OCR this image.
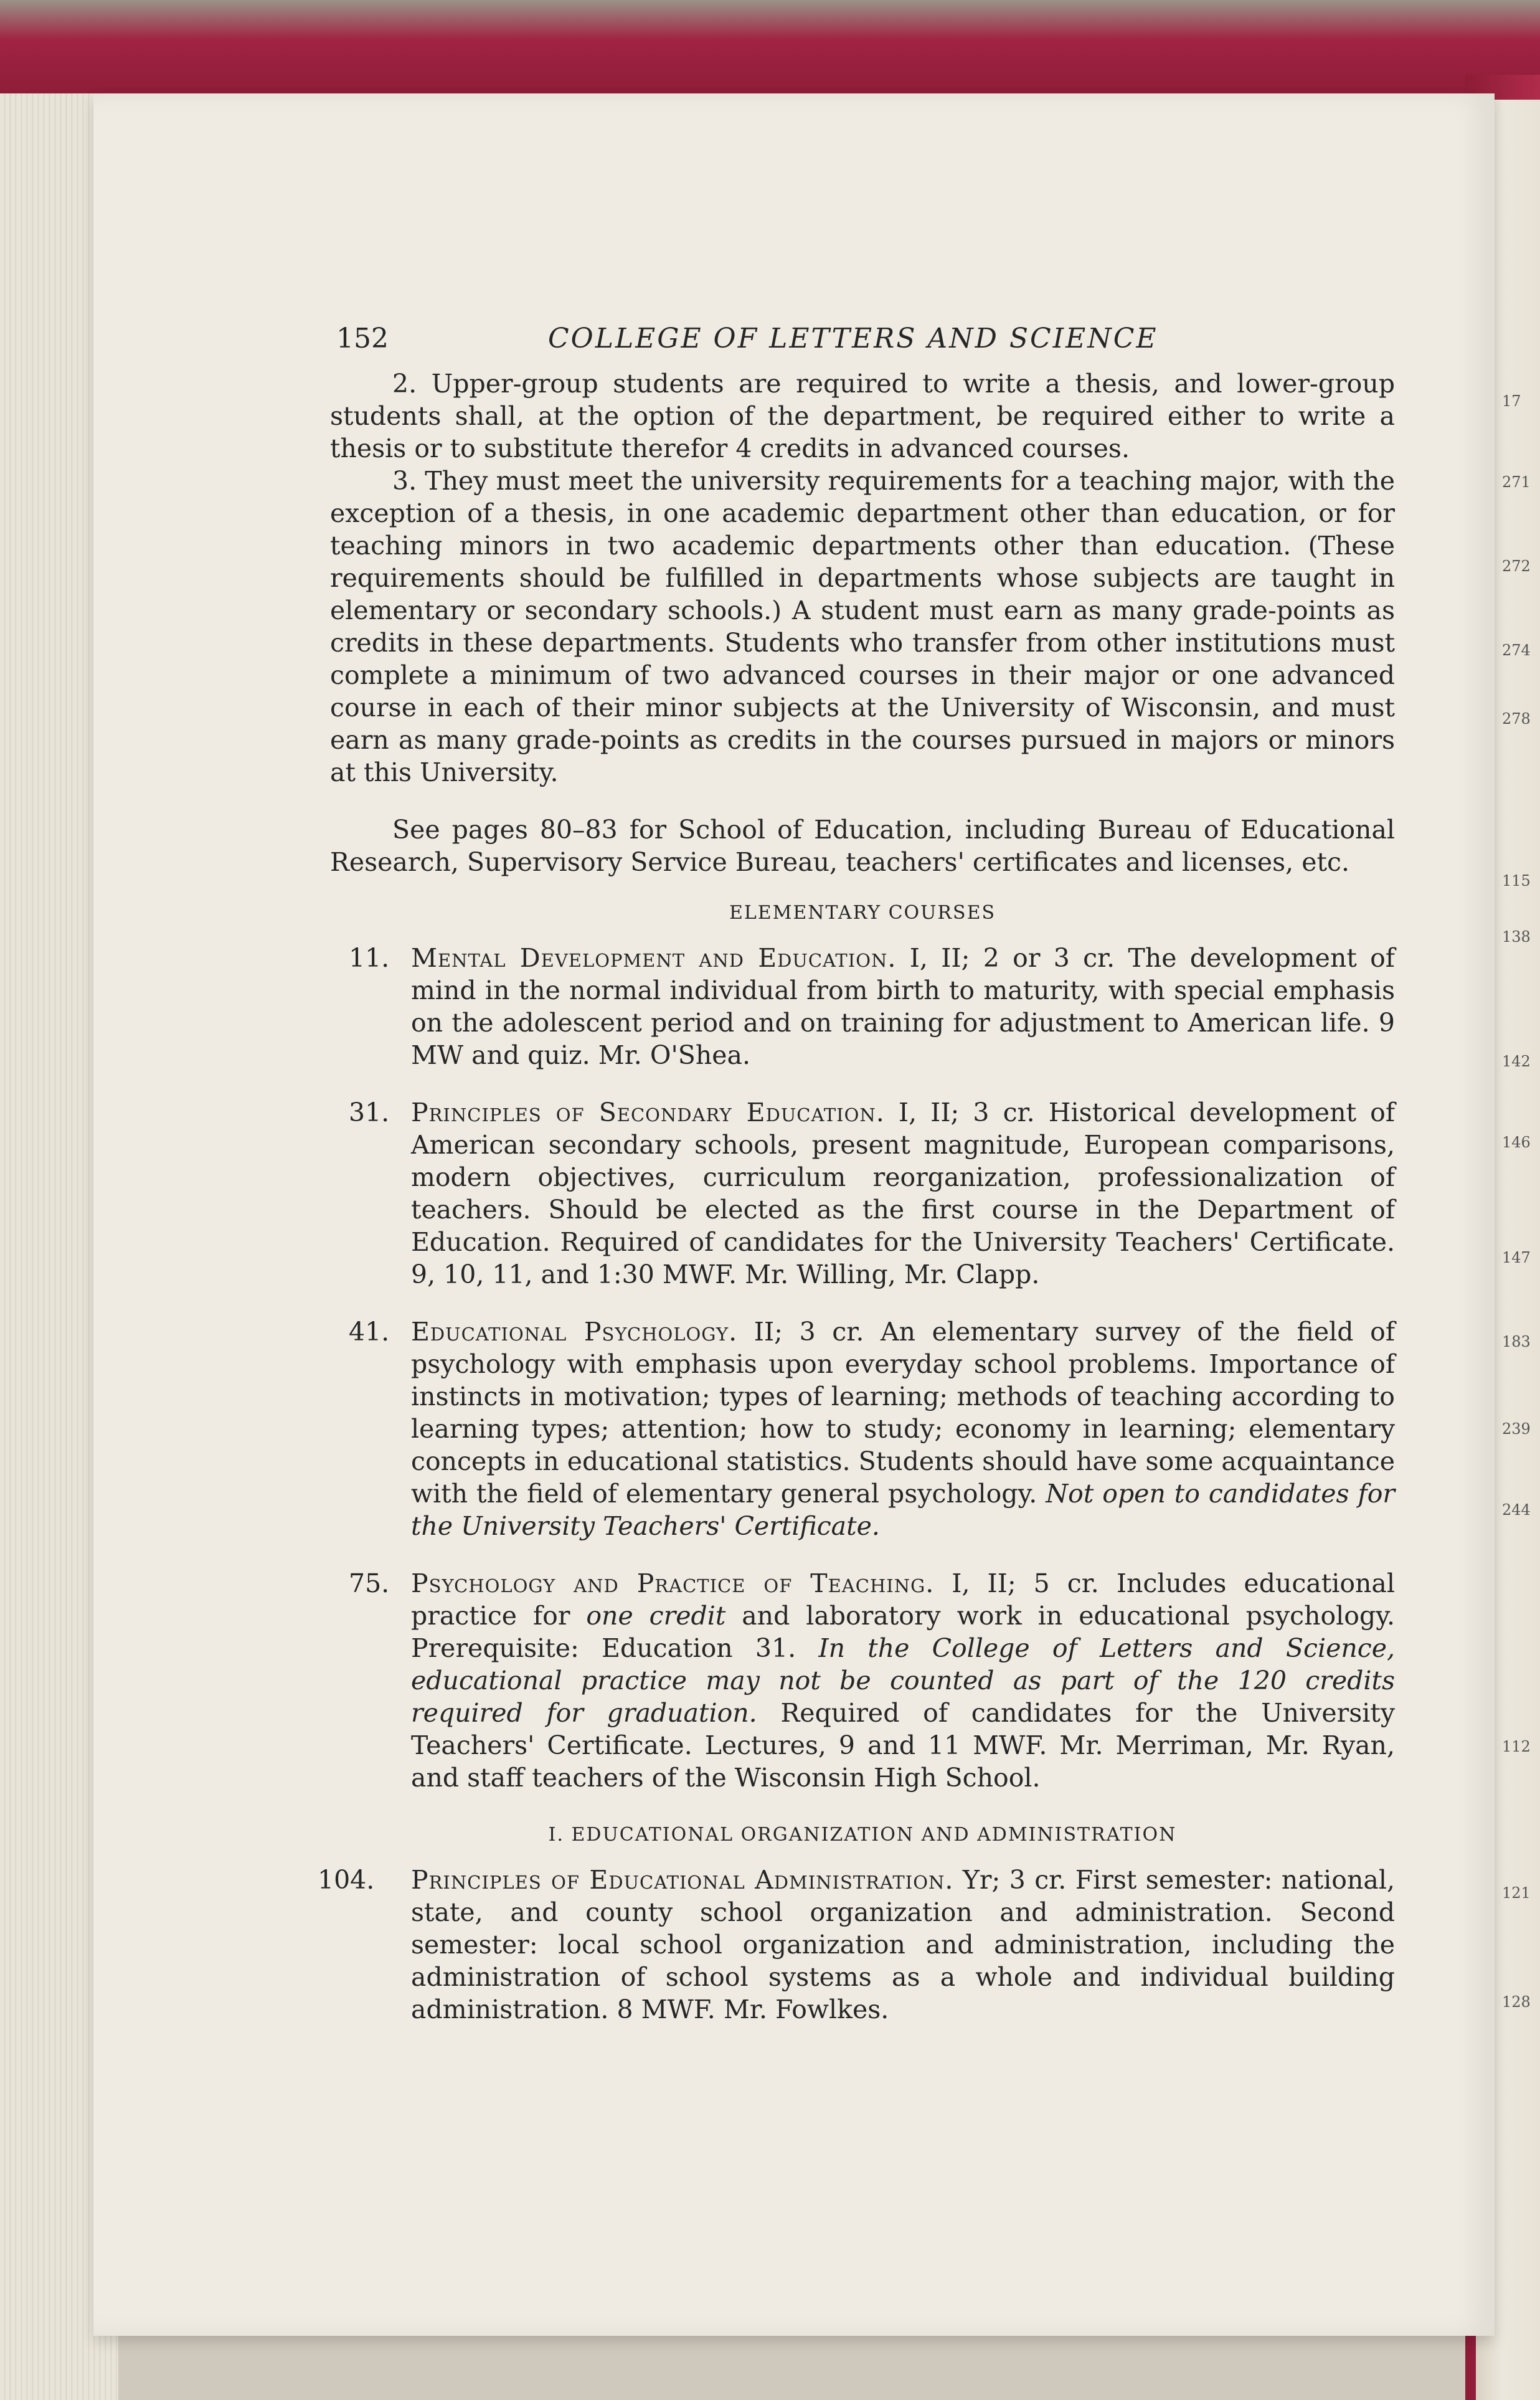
17
271
272
274
278
115
138
142
146
147
183
239
244
112
121
128
152	COLLEGE OF LETTERS AND SCIENCE

2. Upper-group students are required to write a thesis, and lower-group students shall, at the option of the department, be required either to write a thesis or to substitute therefor 4 credits in advanced courses.

3. They must meet the university requirements for a teaching major, with the exception of a thesis, in one academic department other than education, or for teaching minors in two academic departments other than education. (These requirements should be fulfilled in departments whose subjects are taught in elementary or secondary schools.) A student must earn as many grade-points as credits in these departments. Students who transfer from other institutions must complete a minimum of two advanced courses in their major or one advanced course in each of their minor subjects at the University of Wisconsin, and must earn as many grade-points as credits in the courses pursued in majors or minors at this University.

See pages 80–83 for School of Education, including Bureau of Educational Research, Supervisory Service Bureau, teachers' certificates and licenses, etc.

ELEMENTARY COURSES
11. Mental Development and Education. I, II; 2 or 3 cr. The development of mind in the normal individual from birth to maturity, with special emphasis on the adolescent period and on training for adjustment to American life. 9 MW and quiz. Mr. O'Shea.

31. Principles of Secondary Education. I, II; 3 cr. Historical development of American secondary schools, present magnitude, European comparisons, modern objectives, curriculum reorganization, professionalization of teachers. Should be elected as the first course in the Department of Education. Required of candidates for the University Teachers' Certificate. 9, 10, 11, and 1:30 MWF. Mr. Willing, Mr. Clapp.

41. Educational Psychology. II; 3 cr. An elementary survey of the field of psychology with emphasis upon everyday school problems. Importance of instincts in motivation; types of learning; methods of teaching according to learning types; attention; how to study; economy in learning; elementary concepts in educational statistics. Students should have some acquaintance with the field of elementary general psychology. Not open to candidates for the University Teachers' Certificate.

75. Psychology and Practice of Teaching. I, II; 5 cr. Includes educational practice for one credit and laboratory work in educational psychology. Prerequisite: Education 31. In the College of Letters and Science, educational practice may not be counted as part of the 120 credits required for graduation. Required of candidates for the University Teachers' Certificate. Lectures, 9 and 11 MWF. Mr. Merriman, Mr. Ryan, and staff teachers of the Wisconsin High School.

I. EDUCATIONAL ORGANIZATION AND ADMINISTRATION
104. Principles of Educational Administration. Yr; 3 cr. First semester: national, state, and county school organization and administration. Second semester: local school organization and administration, including the administration of school systems as a whole and individual building administration. 8 MWF. Mr. Fowlkes.
